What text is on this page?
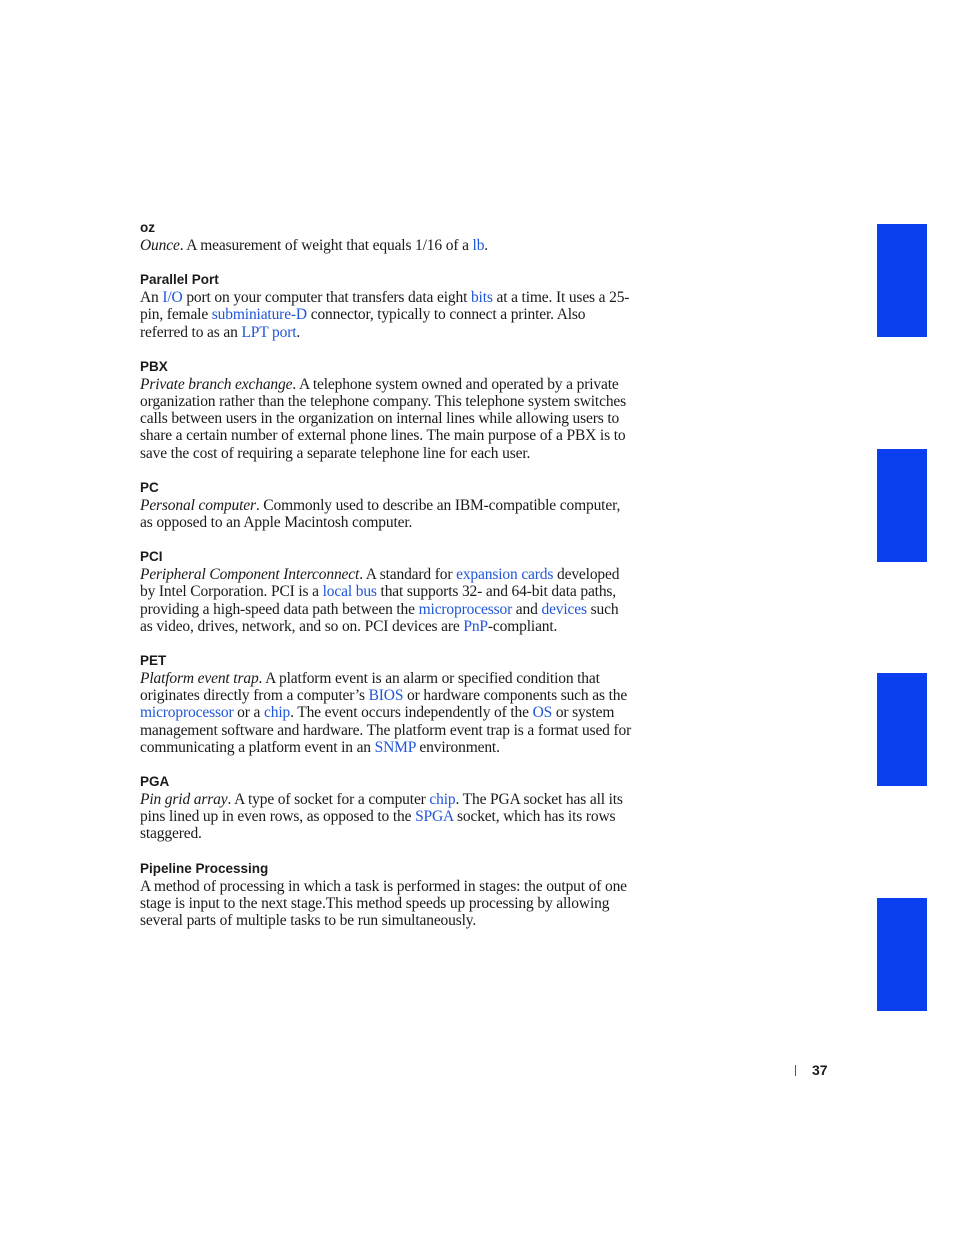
oz

Ounce. A measurement of weight that equals 1/16 of a lb.

Parallel Port

An I/O port on your computer that transfers data eight bits at a time. It uses a 25-pin, female subminiature-D connector, typically to connect a printer. Also referred to as an LPT port.

PBX

Private branch exchange. A telephone system owned and operated by a private organization rather than the telephone company. This telephone system switches calls between users in the organization on internal lines while allowing users to share a certain number of external phone lines. The main purpose of a PBX is to save the cost of requiring a separate telephone line for each user.

PC

Personal computer. Commonly used to describe an IBM-compatible computer, as opposed to an Apple Macintosh computer.

PCI

Peripheral Component Interconnect. A standard for expansion cards developed by Intel Corporation. PCI is a local bus that supports 32- and 64-bit data paths, providing a high-speed data path between the microprocessor and devices such as video, drives, network, and so on. PCI devices are PnP-compliant.

PET

Platform event trap. A platform event is an alarm or specified condition that originates directly from a computer’s BIOS or hardware components such as the microprocessor or a chip. The event occurs independently of the OS or system management software and hardware. The platform event trap is a format used for communicating a platform event in an SNMP environment.

PGA

Pin grid array. A type of socket for a computer chip. The PGA socket has all its pins lined up in even rows, as opposed to the SPGA socket, which has its rows staggered.

Pipeline Processing

A method of processing in which a task is performed in stages: the output of one stage is input to the next stage.This method speeds up processing by allowing several parts of multiple tasks to be run simultaneously.

37
